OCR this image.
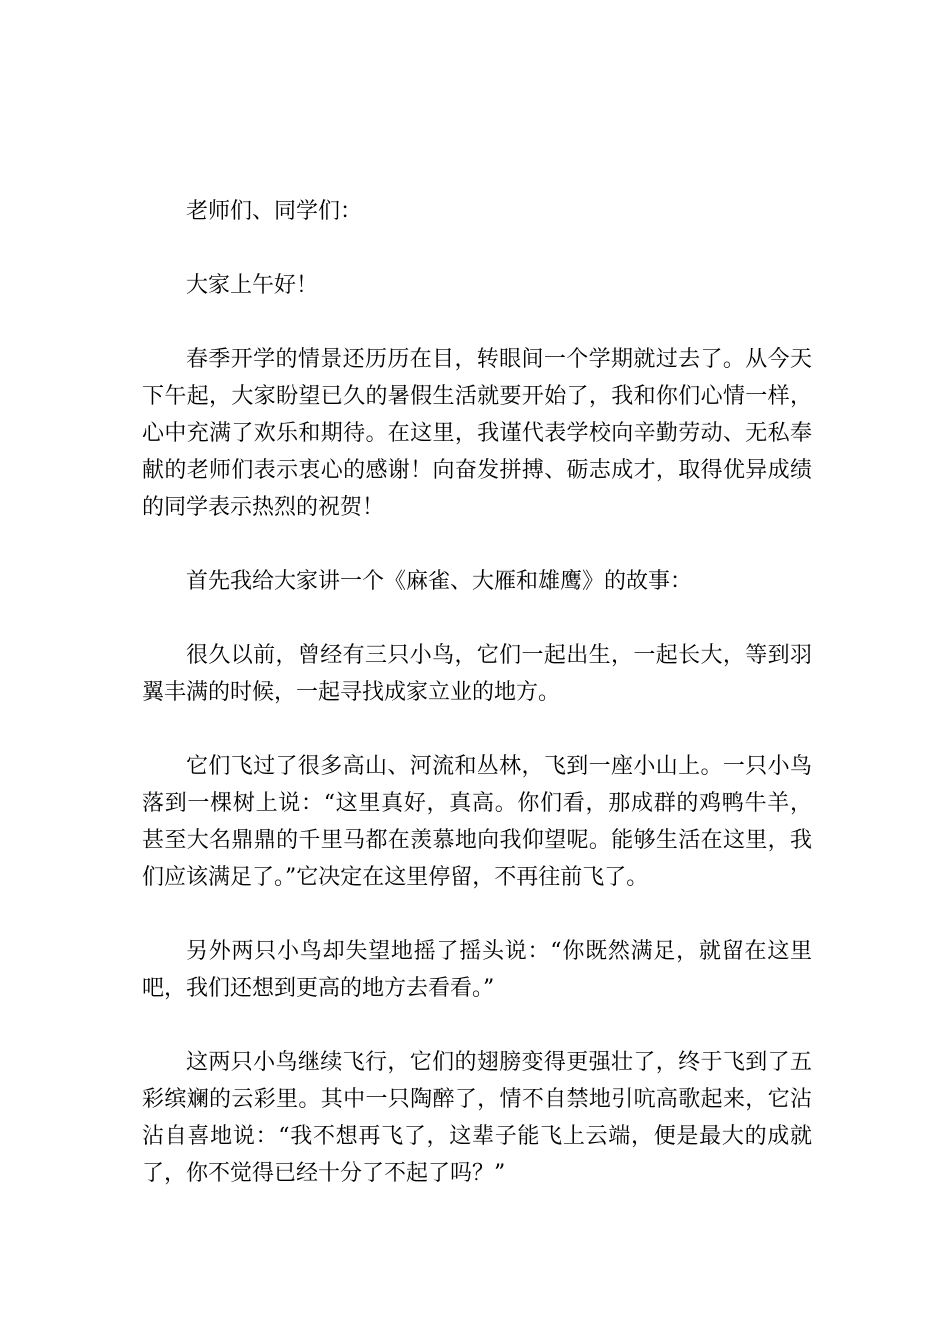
老师们、同学们：

大家上午好！

春季开学的情景还历历在目，转眼间一个学期就过去了。从今天下午起，大家盼望已久的暑假生活就要开始了，我和你们心情一样，心中充满了欢乐和期待。在这里，我谨代表学校向辛勤劳动、无私奉献的老师们表示衷心的感谢！向奋发拼搏、砺志成才，取得优异成绩的同学表示热烈的祝贺！

首先我给大家讲一个《麻雀、大雁和雄鹰》的故事：

很久以前，曾经有三只小鸟，它们一起出生，一起长大，等到羽翼丰满的时候，一起寻找成家立业的地方。

它们飞过了很多高山、河流和丛林，飞到一座小山上。一只小鸟落到一棵树上说：“这里真好，真高。你们看，那成群的鸡鸭牛羊，甚至大名鼎鼎的千里马都在羡慕地向我仰望呢。能够生活在这里，我们应该满足了。”它决定在这里停留，不再往前飞了。

另外两只小鸟却失望地摇了摇头说：“你既然满足，就留在这里吧，我们还想到更高的地方去看看。”

这两只小鸟继续飞行，它们的翅膀变得更强壮了，终于飞到了五彩缤斓的云彩里。其中一只陶醉了，情不自禁地引吭高歌起来，它沾沾自喜地说：“我不想再飞了，这辈子能飞上云端，便是最大的成就了，你不觉得已经十分了不起了吗？”
